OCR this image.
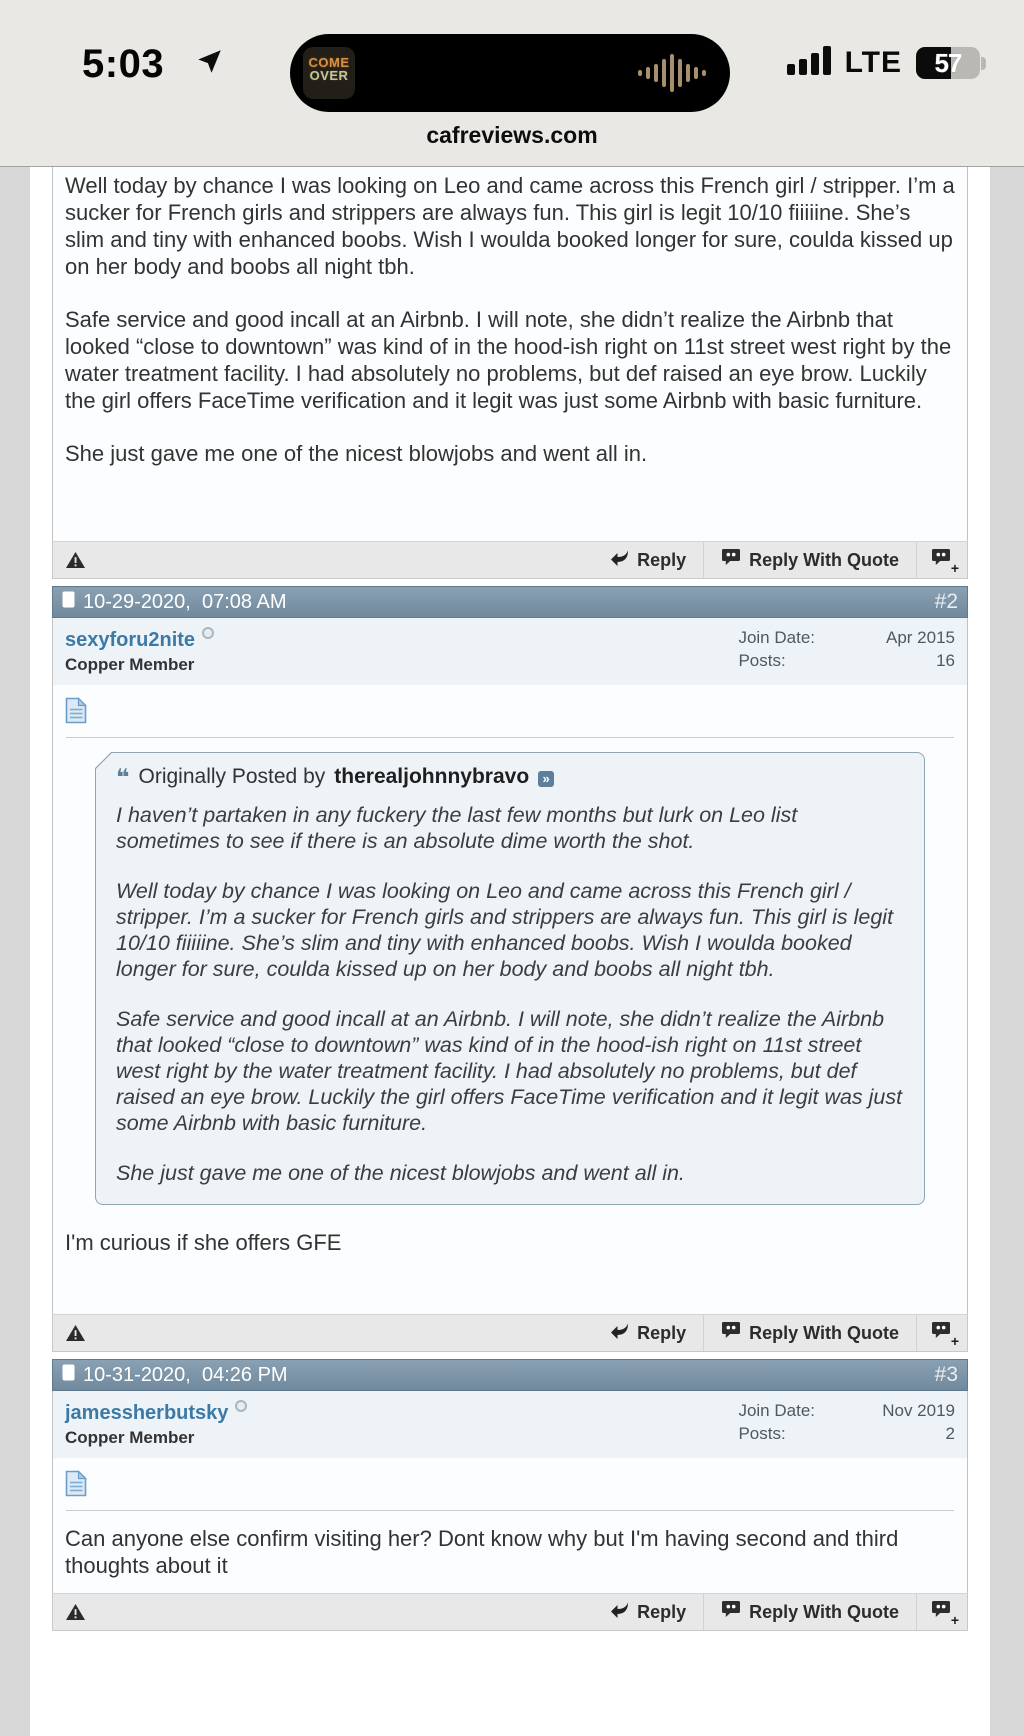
5:03	COME
OVER	LTE	57
cafreviews.com

Well today by chance I was looking on Leo and came across this French girl / stripper. I’m a sucker for French girls and strippers are always fun. This girl is legit 10/10 fiiiiine. She’s slim and tiny with enhanced boobs. Wish I woulda booked longer for sure, coulda kissed up on her body and boobs all night tbh.

Safe service and good incall at an Airbnb. I will note, she didn’t realize the Airbnb that looked “close to downtown” was kind of in the hood-ish right on 11st street west right by the water treatment facility. I had absolutely no problems, but def raised an eye brow. Luckily the girl offers FaceTime verification and it legit was just some Airbnb with basic furniture.

She just gave me one of the nicest blowjobs and went all in.

Reply	Reply With Quote	+
10-29-2020,  07:08 AM	#2
sexyforu2nite
Copper Member
Join Date:	Apr 2015
Posts:	16
❝ Originally Posted by therealjohnnybravo	»

I haven’t partaken in any fuckery the last few months but lurk on Leo list sometimes to see if there is an absolute dime worth the shot.

Well today by chance I was looking on Leo and came across this French girl / stripper. I’m a sucker for French girls and strippers are always fun. This girl is legit 10/10 fiiiiine. She’s slim and tiny with enhanced boobs. Wish I woulda booked longer for sure, coulda kissed up on her body and boobs all night tbh.

Safe service and good incall at an Airbnb. I will note, she didn’t realize the Airbnb that looked “close to downtown” was kind of in the hood-ish right on 11st street west right by the water treatment facility. I had absolutely no problems, but def raised an eye brow. Luckily the girl offers FaceTime verification and it legit was just some Airbnb with basic furniture.

She just gave me one of the nicest blowjobs and went all in.

I'm curious if she offers GFE
Reply	Reply With Quote	+
10-31-2020,  04:26 PM	#3
jamessherbutsky
Copper Member
Join Date:	Nov 2019
Posts:	2
Can anyone else confirm visiting her? Dont know why but I'm having second and third thoughts about it
Reply	Reply With Quote	+
